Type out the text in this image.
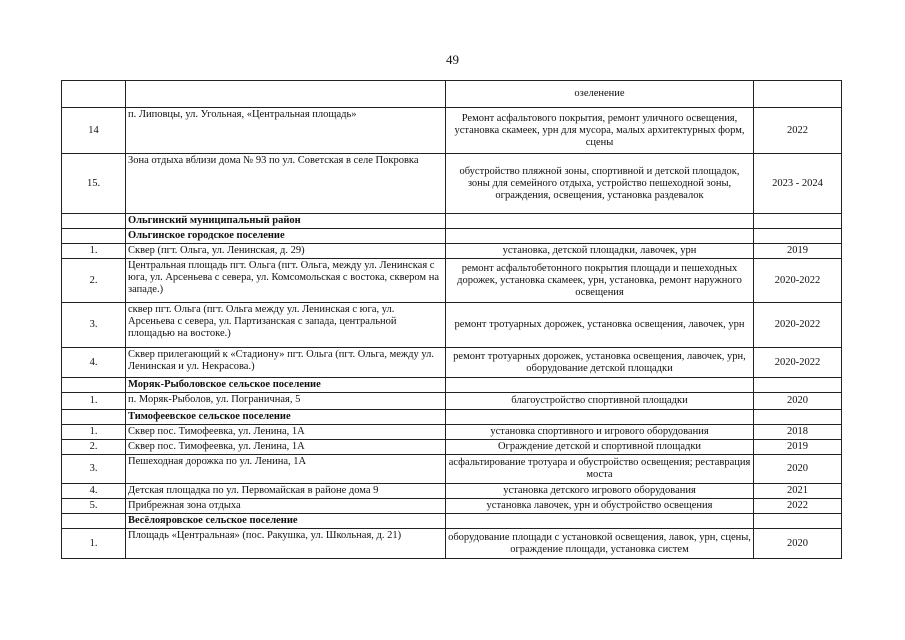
49
		озеленение	
14	п. Липовцы, ул. Угольная, «Центральная площадь»	Ремонт асфальтового покрытия, ремонт уличного освещения, установка скамеек, урн для мусора, малых архитектурных форм, сцены	2022
15.	Зона отдыха вблизи дома № 93 по ул. Советская в селе Покровка	обустройство пляжной зоны, спортивной и детской площадок, зоны для семейного отдыха, устройство пешеходной зоны, ограждения, освещения, установка раздевалок	2023 - 2024
	Ольгинский муниципальный район		
	Ольгинское городское поселение		
1.	Сквер (пгт. Ольга, ул. Ленинская, д. 29)	установка, детской площадки, лавочек, урн	2019
2.	Центральная площадь пгт. Ольга (пгт. Ольга, между ул. Ленинская с юга, ул. Арсеньева с севера, ул. Комсомольская с востока, сквером на западе.)	ремонт асфальтобетонного покрытия площади и пешеходных дорожек, установка скамеек, урн, установка, ремонт наружного освещения	2020-2022
3.	сквер пгт. Ольга (пгт. Ольга между ул. Ленинская с юга, ул. Арсеньева с севера, ул. Партизанская с запада, центральной площадью на востоке.)	ремонт тротуарных дорожек, установка освещения, лавочек, урн	2020-2022
4.	Сквер прилегающий к «Стадиону» пгт. Ольга (пгт. Ольга, между ул. Ленинская и ул. Некрасова.)	ремонт тротуарных дорожек, установка освещения, лавочек, урн, оборудование детской площадки	2020-2022
	Моряк-Рыболовское сельское поселение		
1.	п. Моряк-Рыболов, ул. Пограничная, 5	благоустройство спортивной площадки	2020
	Тимофеевское сельское поселение		
1.	Сквер пос. Тимофеевка, ул. Ленина, 1А	установка спортивного и игрового оборудования	2018
2.	Сквер пос. Тимофеевка, ул. Ленина, 1А	Ограждение детской и спортивной площадки	2019
3.	Пешеходная дорожка по ул. Ленина, 1А	асфальтирование тротуара и обустройство освещения; реставрация моста	2020
4.	Детская площадка по ул. Первомайская в районе дома 9	установка детского игрового оборудования	2021
5.	Прибрежная зона отдыха	установка лавочек, урн и обустройство освещения	2022
	Весёлояровское сельское поселение		
1.	Площадь «Центральная» (пос. Ракушка, ул. Школьная, д. 21)	оборудование площади с установкой освещения, лавок, урн, сцены, ограждение площади, установка систем	2020
